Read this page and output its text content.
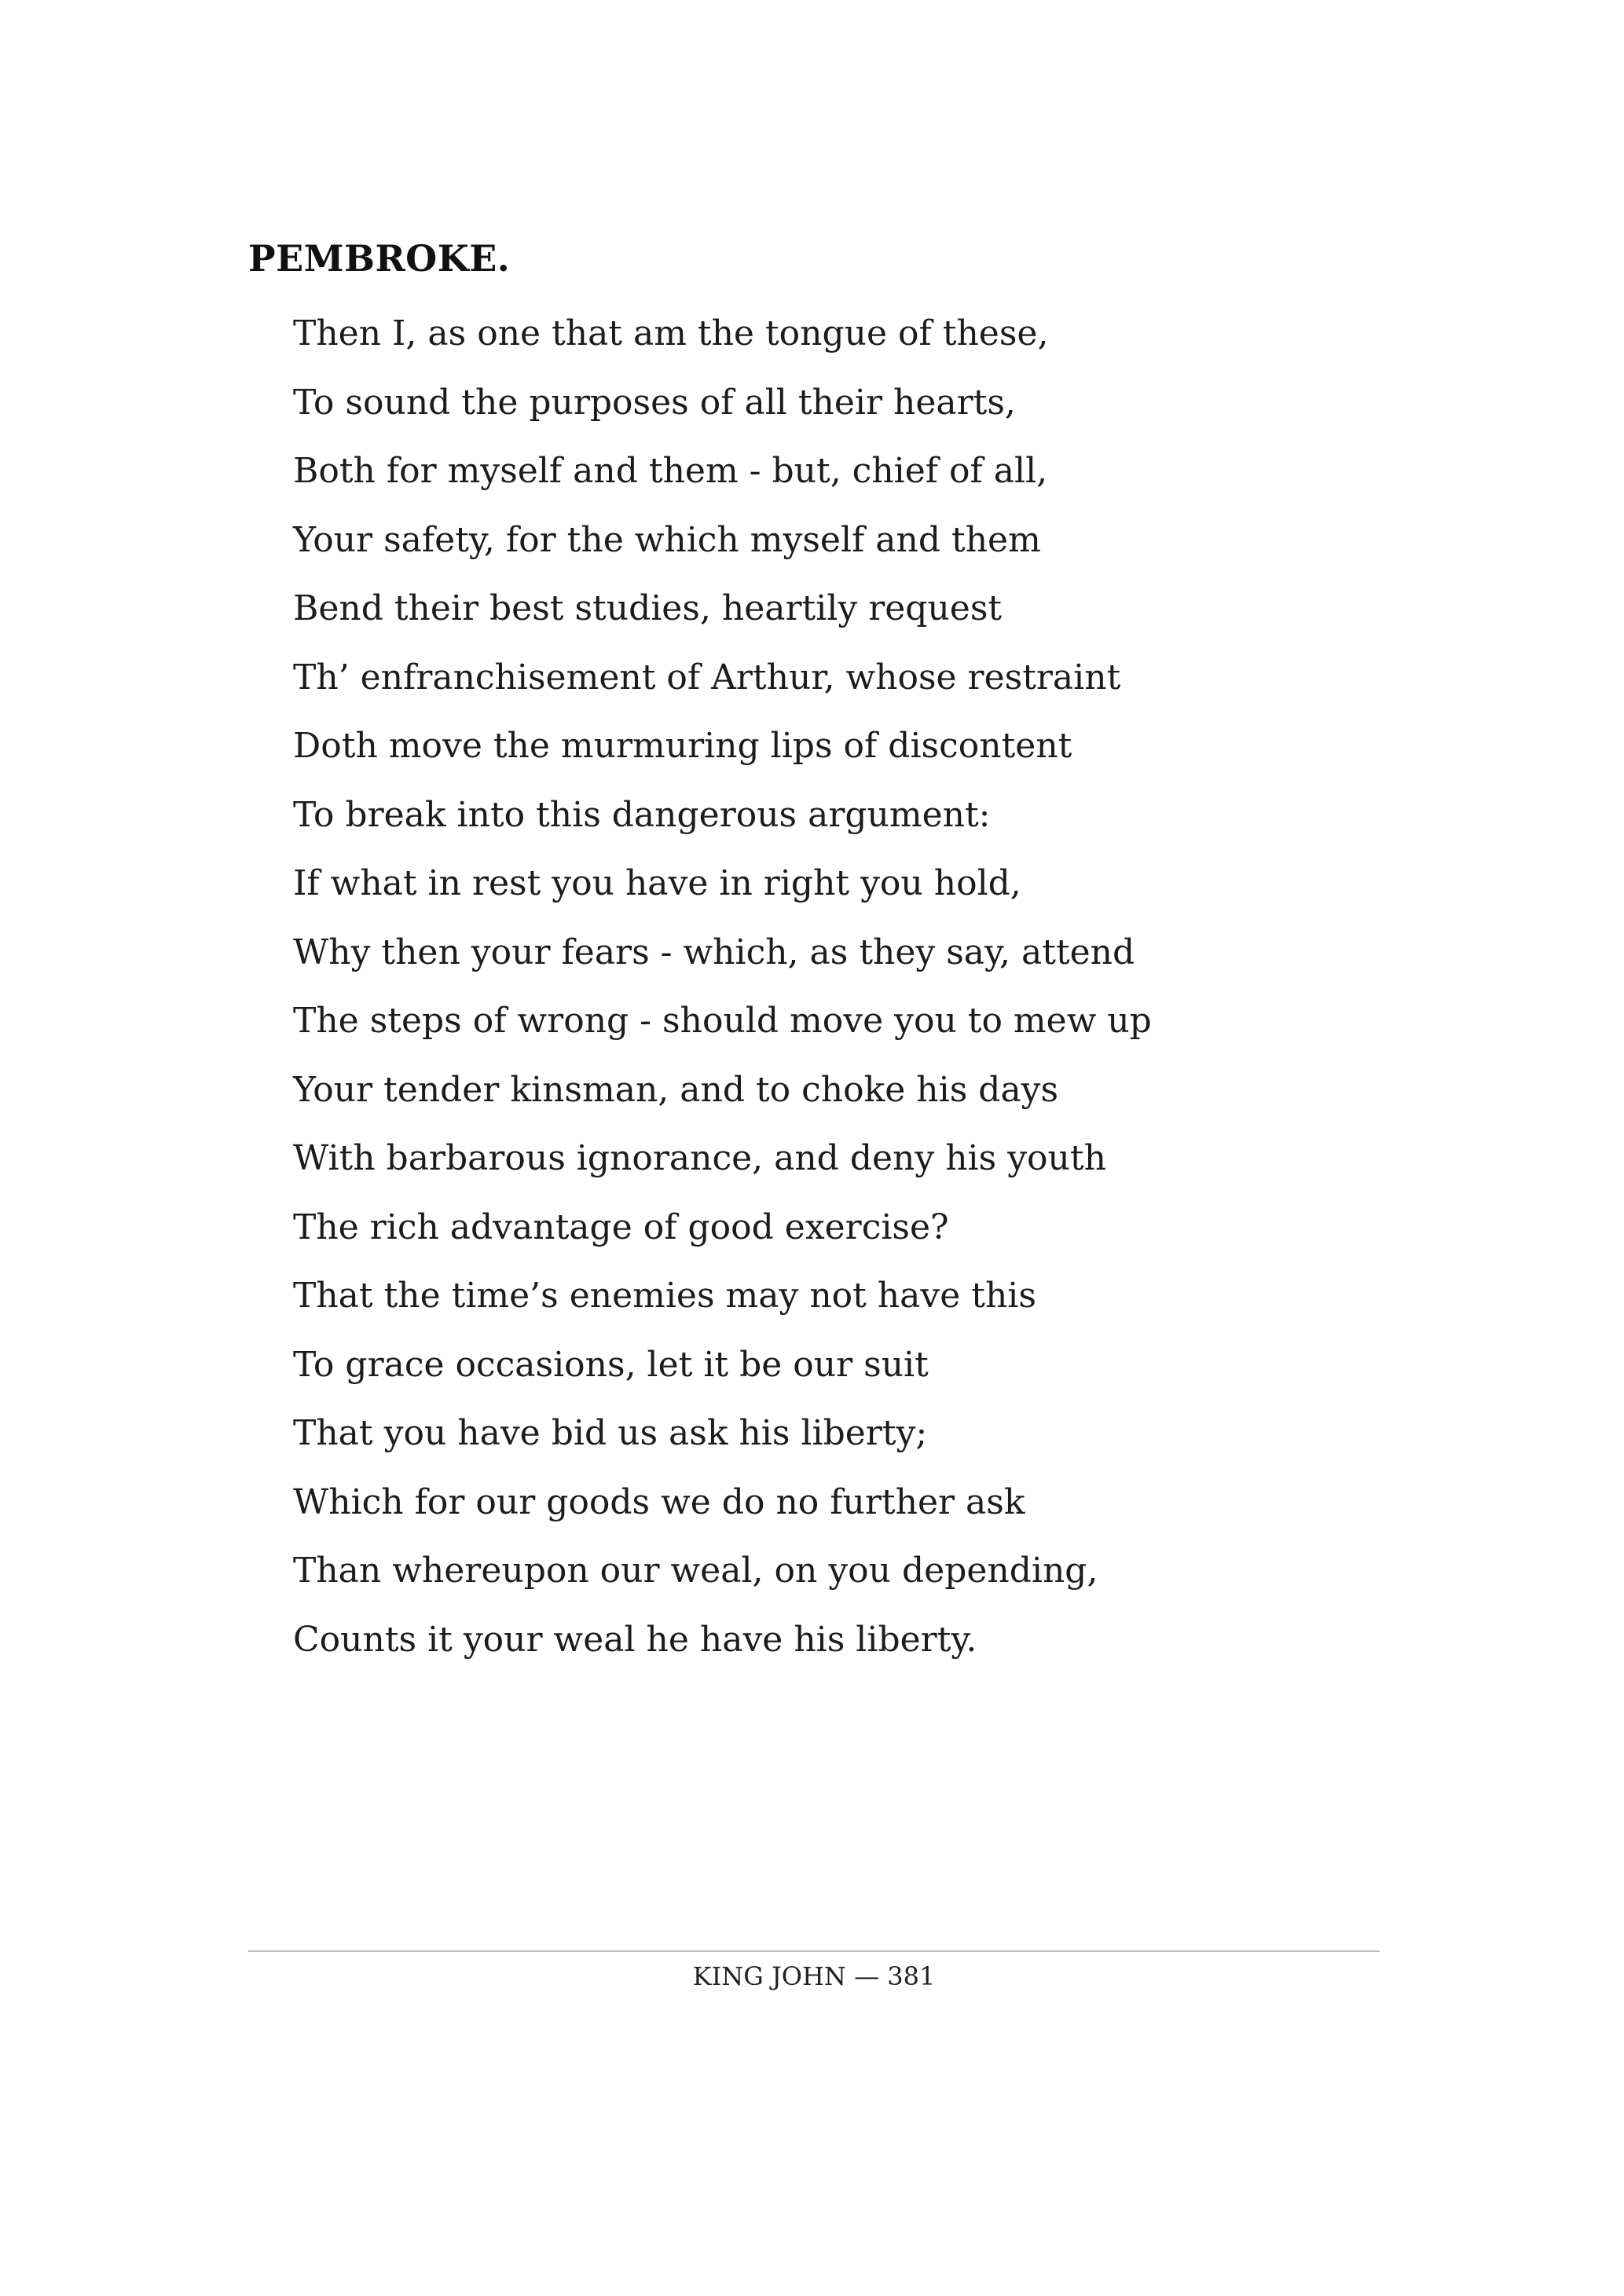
PEMBROKE.
Then I, as one that am the tongue of these,
To sound the purposes of all their hearts,
Both for myself and them - but, chief of all,
Your safety, for the which myself and them
Bend their best studies, heartily request
Th’ enfranchisement of Arthur, whose restraint
Doth move the murmuring lips of discontent
To break into this dangerous argument:
If what in rest you have in right you hold,
Why then your fears - which, as they say, attend
The steps of wrong - should move you to mew up
Your tender kinsman, and to choke his days
With barbarous ignorance, and deny his youth
The rich advantage of good exercise?
That the time’s enemies may not have this
To grace occasions, let it be our suit
That you have bid us ask his liberty;
Which for our goods we do no further ask
Than whereupon our weal, on you depending,
Counts it your weal he have his liberty.
KING JOHN — 381
